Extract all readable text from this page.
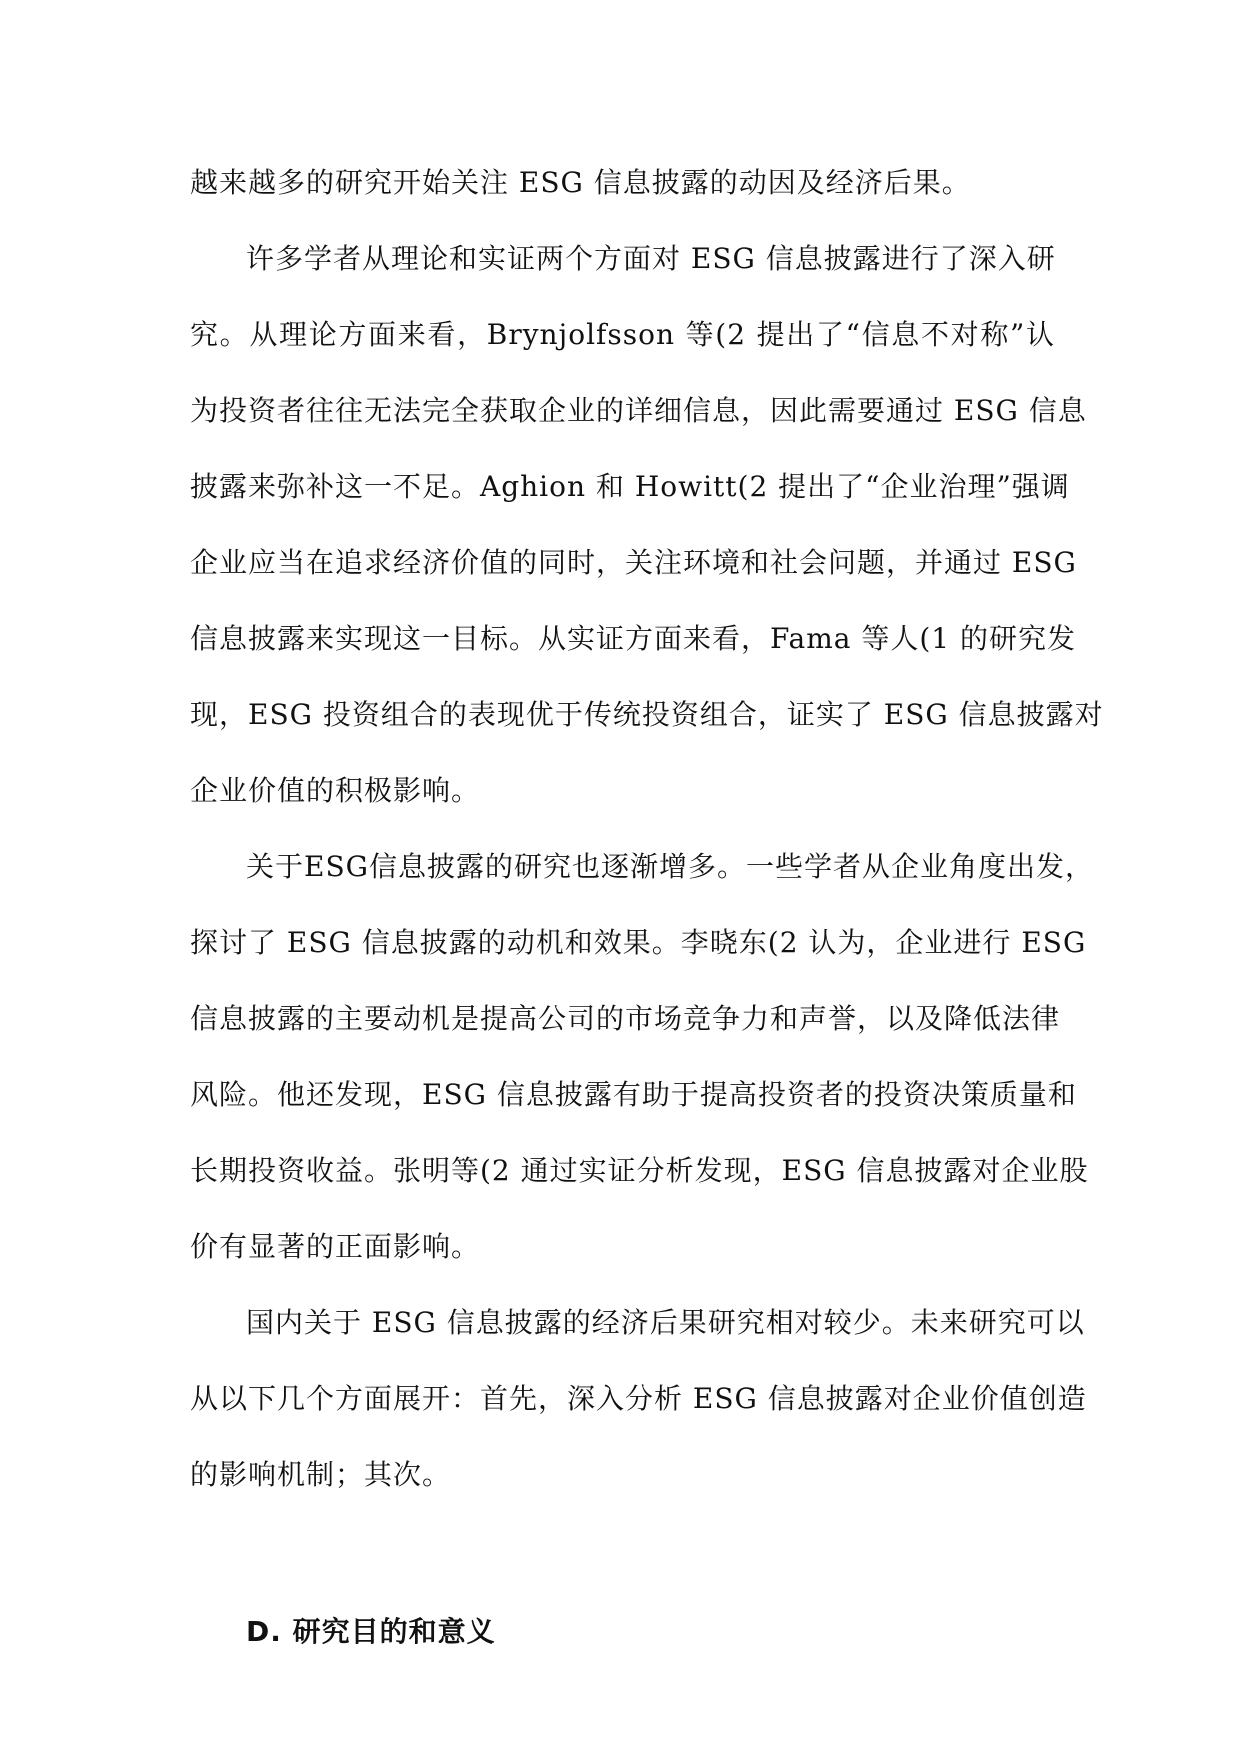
越来越多的研究开始关注 ESG 信息披露的动因及经济后果。
许多学者从理论和实证两个方面对 ESG 信息披露进行了深入研
究。从理论方面来看，Brynjolfsson 等(2 提出了“信息不对称”认
为投资者往往无法完全获取企业的详细信息，因此需要通过 ESG 信息
披露来弥补这一不足。Aghion 和 Howitt(2 提出了“企业治理”强调
企业应当在追求经济价值的同时，关注环境和社会问题，并通过 ESG
信息披露来实现这一目标。从实证方面来看，Fama 等人(1 的研究发
现，ESG 投资组合的表现优于传统投资组合，证实了 ESG 信息披露对
企业价值的积极影响。
关于ESG信息披露的研究也逐渐增多。一些学者从企业角度出发，
探讨了 ESG 信息披露的动机和效果。李晓东(2 认为，企业进行 ESG
信息披露的主要动机是提高公司的市场竞争力和声誉，以及降低法律
风险。他还发现，ESG 信息披露有助于提高投资者的投资决策质量和
长期投资收益。张明等(2 通过实证分析发现，ESG 信息披露对企业股
价有显著的正面影响。
国内关于 ESG 信息披露的经济后果研究相对较少。未来研究可以
从以下几个方面展开：首先，深入分析 ESG 信息披露对企业价值创造
的影响机制；其次。
D. 研究目的和意义
